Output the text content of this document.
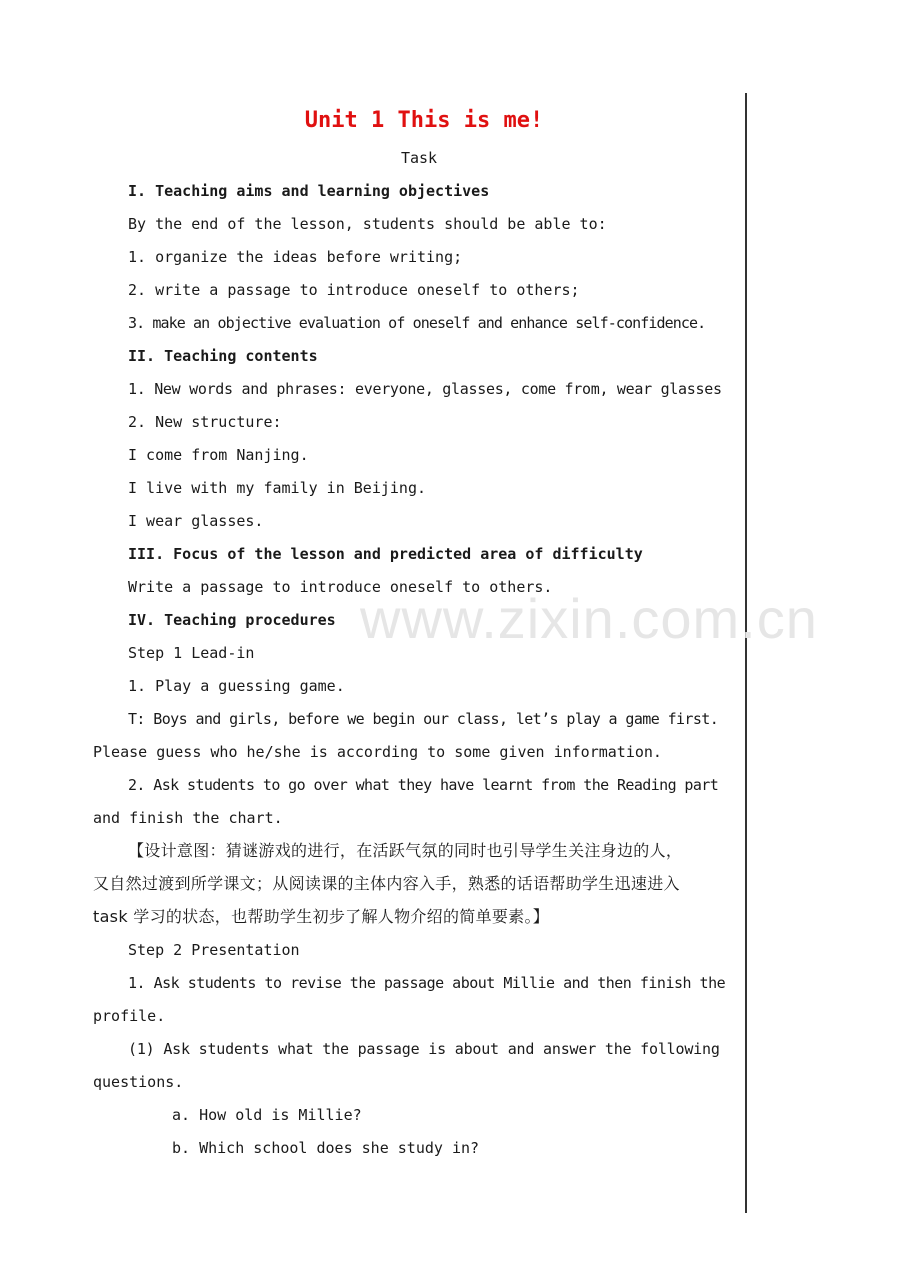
www.zixin.com.cn
Unit 1 This is me!
Task
I. Teaching aims and learning objectives
By the end of the lesson, students should be able to:
1. organize the ideas before writing;
2. write a passage to introduce oneself to others;
3. make an objective evaluation of oneself and enhance self-confidence.
II. Teaching contents
1. New words and phrases: everyone, glasses, come from, wear glasses
2. New structure:
I come from Nanjing.
I live with my family in Beijing.
I wear glasses.
III. Focus of the lesson and predicted area of difficulty
Write a passage to introduce oneself to others.
IV. Teaching procedures
Step 1 Lead-in
1. Play a guessing game.
T: Boys and girls, before we begin our class, let’s play a game first.
Please guess who he/she is according to some given information.
2. Ask students to go over what they have learnt from the Reading part
and finish the chart.
【设计意图：猜谜游戏的进行，在活跃气氛的同时也引导学生关注身边的人，
又自然过渡到所学课文；从阅读课的主体内容入手，熟悉的话语帮助学生迅速进入
task 学习的状态，也帮助学生初步了解人物介绍的简单要素。】
Step 2 Presentation
1. Ask students to revise the passage about Millie and then finish the
profile.
(1) Ask students what the passage is about and answer the following
questions.
a. How old is Millie?
b. Which school does she study in?
